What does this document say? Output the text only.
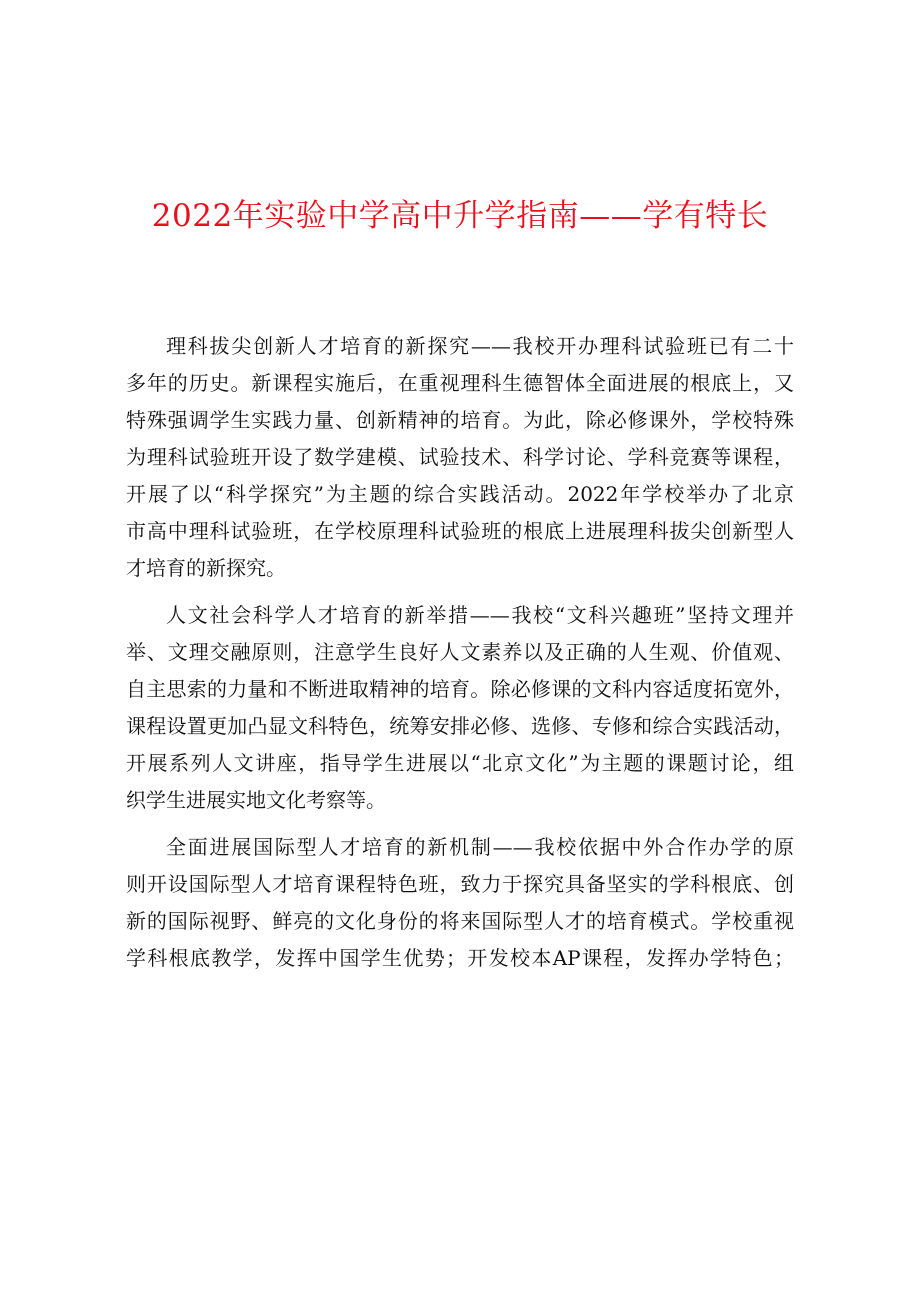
2022年实验中学高中升学指南——学有特长
理科拔尖创新人才培育的新探究——我校开办理科试验班已有二十
多年的历史。新课程实施后，在重视理科生德智体全面进展的根底上，又
特殊强调学生实践力量、创新精神的培育。为此，除必修课外，学校特殊
为理科试验班开设了数学建模、试验技术、科学讨论、学科竞赛等课程，
开展了以“科学探究”为主题的综合实践活动。2022年学校举办了北京
市高中理科试验班，在学校原理科试验班的根底上进展理科拔尖创新型人
才培育的新探究。
人文社会科学人才培育的新举措——我校“文科兴趣班”坚持文理并
举、文理交融原则，注意学生良好人文素养以及正确的人生观、价值观、
自主思索的力量和不断进取精神的培育。除必修课的文科内容适度拓宽外，
课程设置更加凸显文科特色，统筹安排必修、选修、专修和综合实践活动，
开展系列人文讲座，指导学生进展以“北京文化”为主题的课题讨论，组
织学生进展实地文化考察等。
全面进展国际型人才培育的新机制——我校依据中外合作办学的原
则开设国际型人才培育课程特色班，致力于探究具备坚实的学科根底、创
新的国际视野、鲜亮的文化身份的将来国际型人才的培育模式。学校重视
学科根底教学，发挥中国学生优势；开发校本AP课程，发挥办学特色；
